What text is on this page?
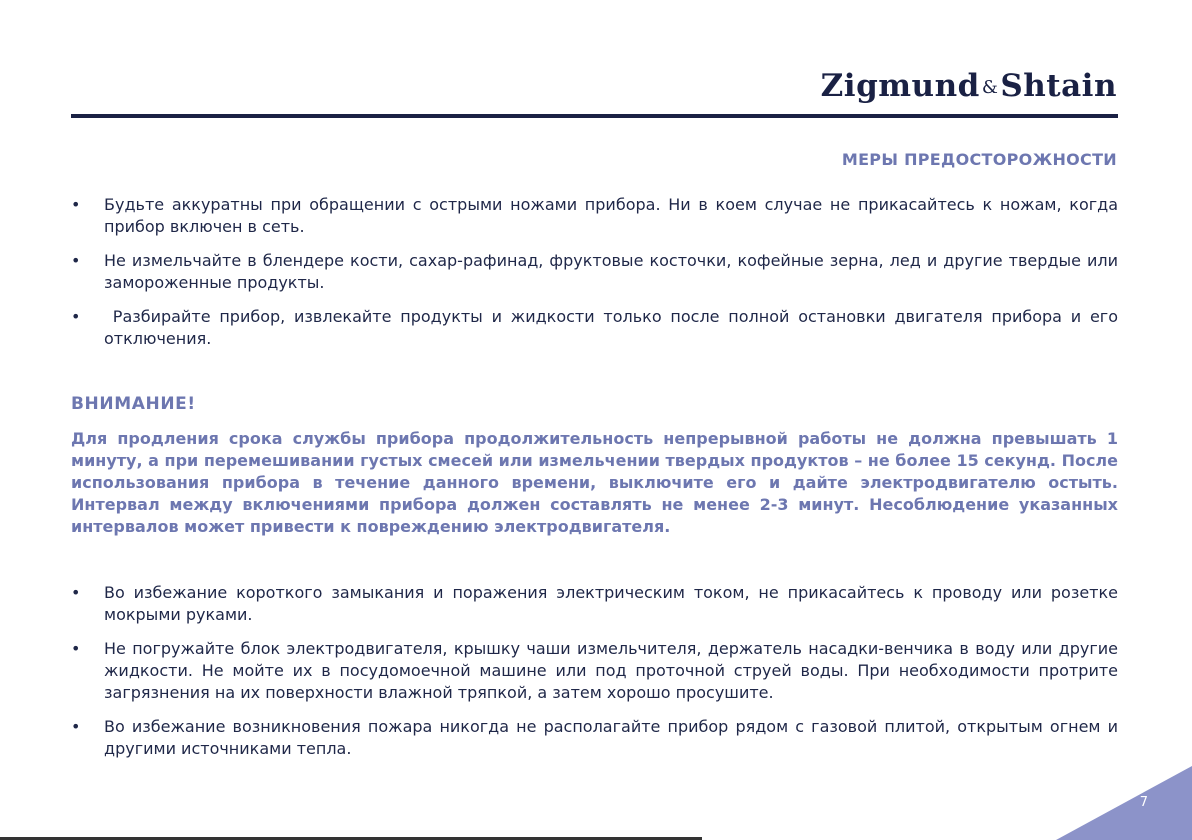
Zigmund &Shtain
МЕРЫ ПРЕДОСТОРОЖНОСТИ
•	Будьте аккуратны при обращении с острыми ножами прибора. Ни в коем случае не прикасайтесь к ножам, когда прибор включен в сеть.
•	Не измельчайте в блендере кости, сахар-рафинад, фруктовые косточки, кофейные зерна, лед и другие твердые или замороженные продукты.
•	Разбирайте прибор, извлекайте продукты и жидкости только после полной остановки двигателя прибора и его отключения.
ВНИМАНИЕ!
Для продления срока службы прибора продолжительность непрерывной работы не должна превышать 1 минуту, а при перемешивании густых смесей или измельчении твердых продуктов – не более 15 секунд. После использования прибора в течение данного времени, выключите его и дайте электродвигателю остыть. Интервал между включениями прибора должен составлять не менее 2-3 минут. Несоблюдение указанных интервалов может привести к повреждению электродвигателя.
•	Во избежание короткого замыкания и поражения электрическим током, не прикасайтесь к проводу или розетке мокрыми руками.
•	Не погружайте блок электродвигателя, крышку чаши измельчителя, держатель насадки-венчика в воду или другие жидкости. Не мойте их в посудомоечной машине или под проточной струей воды. При необходимости протрите загрязнения на их поверхности влажной тряпкой, а затем хорошо просушите.
•	Во избежание возникновения пожара никогда не располагайте прибор рядом с газовой плитой, открытым огнем и другими источниками тепла.
7
